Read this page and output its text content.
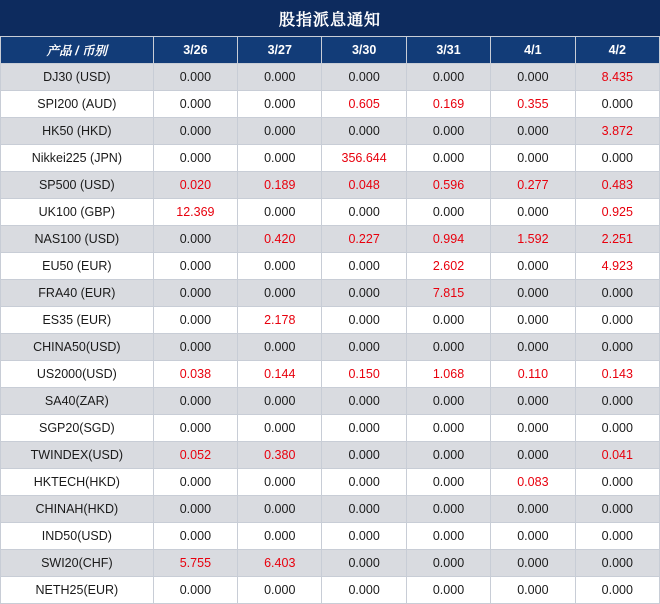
股指派息通知
产品 / 币别	3/26	3/27	3/30	3/31	4/1	4/2
DJ30 (USD)	0.000	0.000	0.000	0.000	0.000	8.435
SPI200 (AUD)	0.000	0.000	0.605	0.169	0.355	0.000
HK50 (HKD)	0.000	0.000	0.000	0.000	0.000	3.872
Nikkei225 (JPN)	0.000	0.000	356.644	0.000	0.000	0.000
SP500 (USD)	0.020	0.189	0.048	0.596	0.277	0.483
UK100 (GBP)	12.369	0.000	0.000	0.000	0.000	0.925
NAS100 (USD)	0.000	0.420	0.227	0.994	1.592	2.251
EU50 (EUR)	0.000	0.000	0.000	2.602	0.000	4.923
FRA40 (EUR)	0.000	0.000	0.000	7.815	0.000	0.000
ES35 (EUR)	0.000	2.178	0.000	0.000	0.000	0.000
CHINA50(USD)	0.000	0.000	0.000	0.000	0.000	0.000
US2000(USD)	0.038	0.144	0.150	1.068	0.110	0.143
SA40(ZAR)	0.000	0.000	0.000	0.000	0.000	0.000
SGP20(SGD)	0.000	0.000	0.000	0.000	0.000	0.000
TWINDEX(USD)	0.052	0.380	0.000	0.000	0.000	0.041
HKTECH(HKD)	0.000	0.000	0.000	0.000	0.083	0.000
CHINAH(HKD)	0.000	0.000	0.000	0.000	0.000	0.000
IND50(USD)	0.000	0.000	0.000	0.000	0.000	0.000
SWI20(CHF)	5.755	6.403	0.000	0.000	0.000	0.000
NETH25(EUR)	0.000	0.000	0.000	0.000	0.000	0.000
